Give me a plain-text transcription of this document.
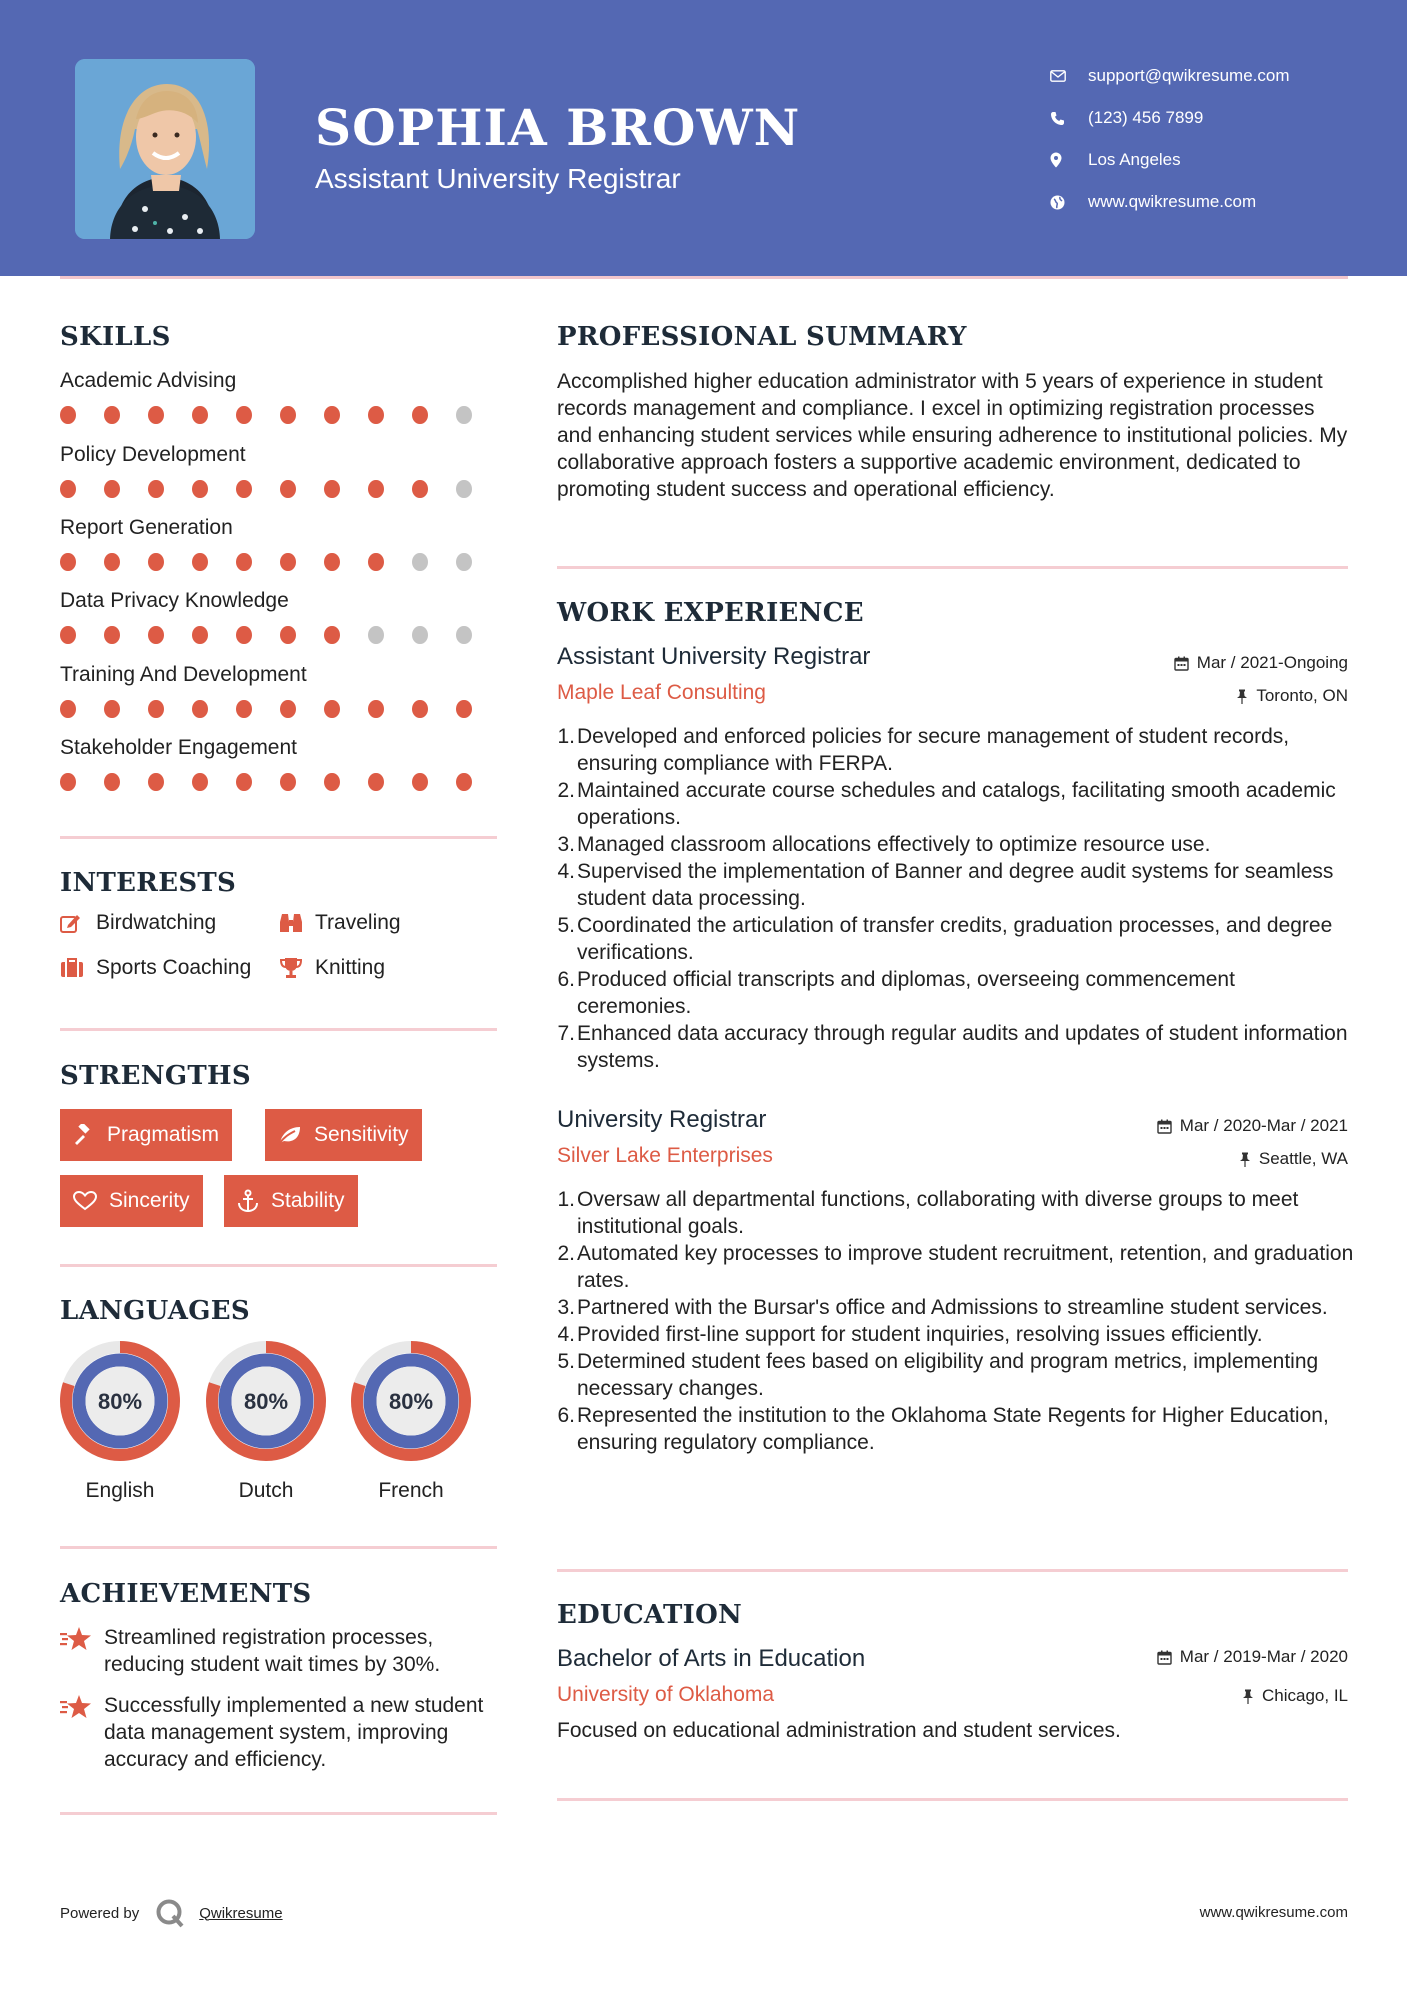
SOPHIA BROWN
Assistant University Registrar
support@qwikresume.com
(123) 456 7899
Los Angeles
www.qwikresume.com
SKILLS
Academic Advising
Policy Development
Report Generation
Data Privacy Knowledge
Training And Development
Stakeholder Engagement
INTERESTS
Birdwatching	Traveling
Sports Coaching	Knitting
STRENGTHS
Pragmatism	Sensitivity
Sincerity	Stability
LANGUAGES
80%
English
80%
Dutch
80%
French
ACHIEVEMENTS
Streamlined registration processes, reducing student wait times by 30%.
Successfully implemented a new student data management system, improving accuracy and efficiency.
PROFESSIONAL SUMMARY
Accomplished higher education administrator with 5 years of experience in student records management and compliance. I excel in optimizing registration processes and enhancing student services while ensuring adherence to institutional policies. My collaborative approach fosters a supportive academic environment, dedicated to promoting student success and operational efficiency.
WORK EXPERIENCE
Assistant University Registrar	Mar / 2021-Ongoing
Maple Leaf Consulting	Toronto, ON
1. Developed and enforced policies for secure management of student records, ensuring compliance with FERPA.
2. Maintained accurate course schedules and catalogs, facilitating smooth academic operations.
3. Managed classroom allocations effectively to optimize resource use.
4. Supervised the implementation of Banner and degree audit systems for seamless student data processing.
5. Coordinated the articulation of transfer credits, graduation processes, and degree verifications.
6. Produced official transcripts and diplomas, overseeing commencement ceremonies.
7. Enhanced data accuracy through regular audits and updates of student information systems.
University Registrar	Mar / 2020-Mar / 2021
Silver Lake Enterprises	Seattle, WA
1. Oversaw all departmental functions, collaborating with diverse groups to meet institutional goals.
2. Automated key processes to improve student recruitment, retention, and graduation rates.
3. Partnered with the Bursar's office and Admissions to streamline student services.
4. Provided first-line support for student inquiries, resolving issues efficiently.
5. Determined student fees based on eligibility and program metrics, implementing necessary changes.
6. Represented the institution to the Oklahoma State Regents for Higher Education, ensuring regulatory compliance.
EDUCATION
Bachelor of Arts in Education	Mar / 2019-Mar / 2020
University of Oklahoma	Chicago, IL
Focused on educational administration and student services.
Powered by	Qwikresume	www.qwikresume.com
